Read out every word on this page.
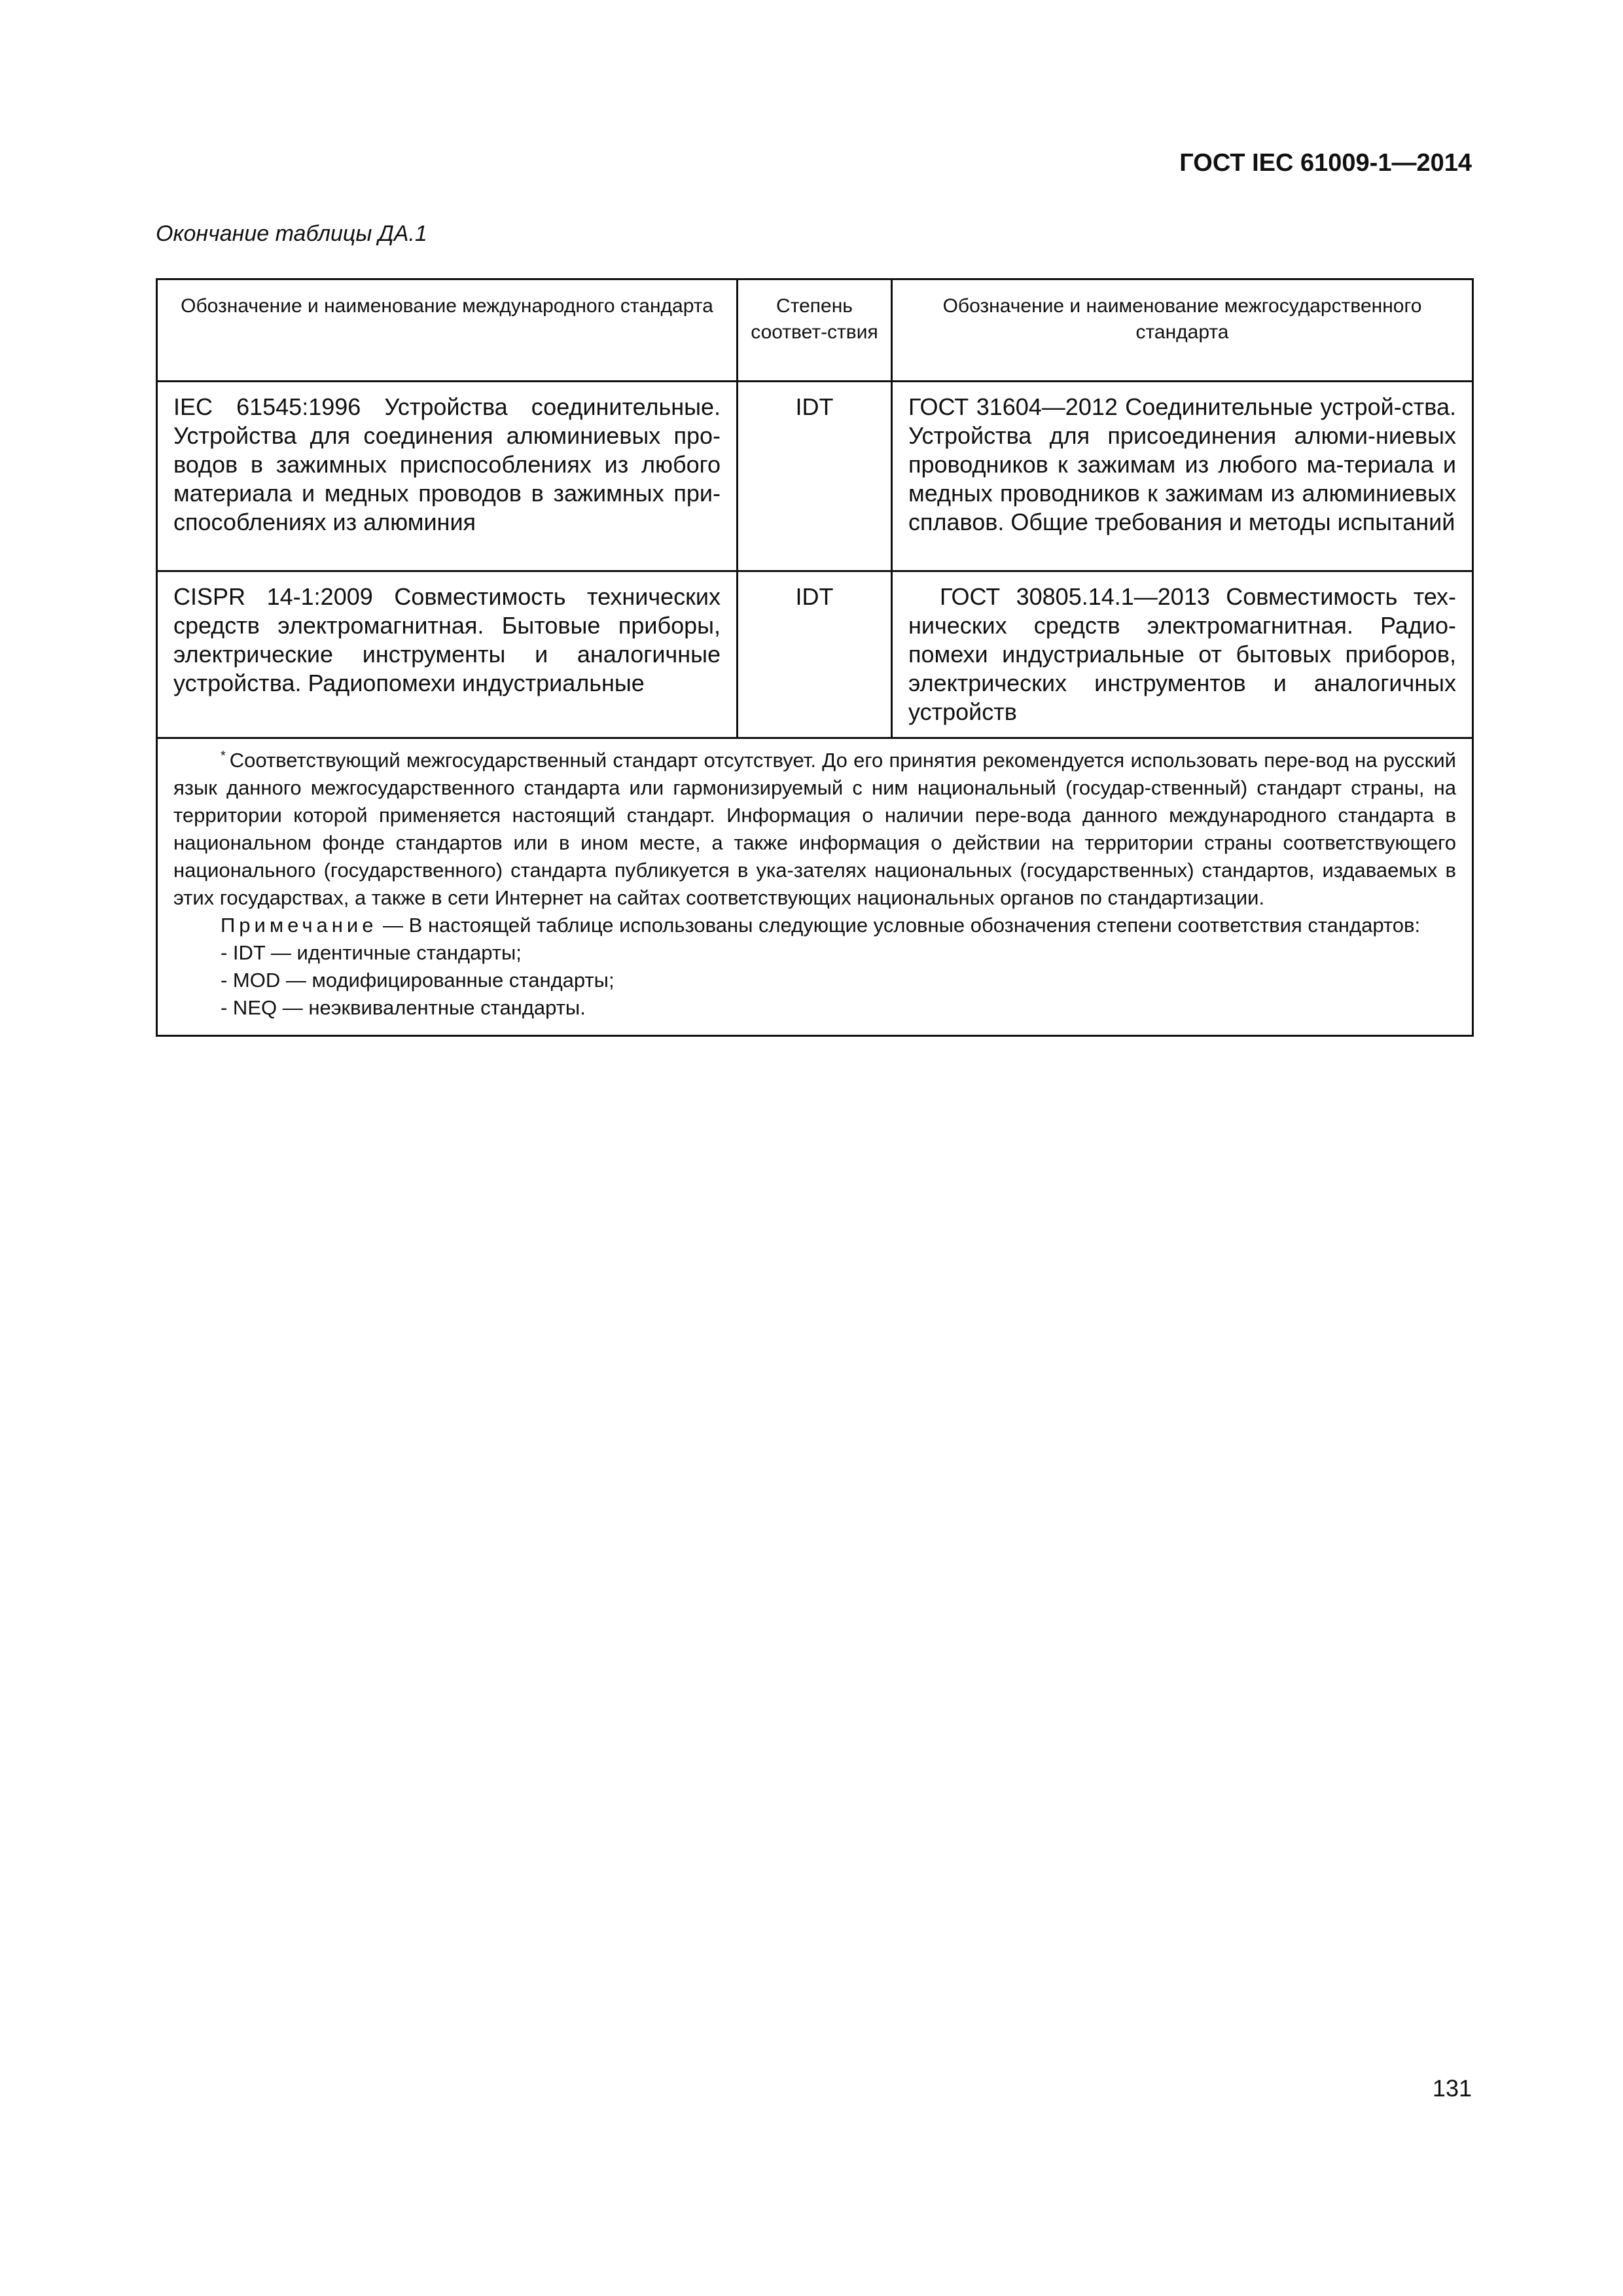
ГОСТ IEC 61009-1—2014
Окончание таблицы ДА.1
Обозначение и наименование международного стандарта	Степень соответ-ствия	Обозначение и наименование межгосударственного стандарта
IEC 61545:1996 Устройства соединительные. Устройства для соединения алюминиевых про-водов в зажимных приспособлениях из любого материала и медных проводов в зажимных при-способлениях из алюминия	IDT	ГОСТ 31604—2012 Соединительные устрой-ства. Устройства для присоединения алюми-ниевых проводников к зажимам из любого ма-териала и медных проводников к зажимам из алюминиевых сплавов. Общие требования и методы испытаний
CISPR 14-1:2009 Совместимость технических средств электромагнитная. Бытовые приборы, электрические инструменты и аналогичные устройства. Радиопомехи индустриальные	IDT	ГОСТ 30805.14.1—2013 Совместимость тех-нических средств электромагнитная. Радио-помехи индустриальные от бытовых приборов, электрических инструментов и аналогичных устройств

* Соответствующий межгосударственный стандарт отсутствует. До его принятия рекомендуется использовать пере-вод на русский язык данного межгосударственного стандарта или гармонизируемый с ним национальный (государ-ственный) стандарт страны, на территории которой применяется настоящий стандарт. Информация о наличии пере-вода данного международного стандарта в национальном фонде стандартов или в ином месте, а также информация о действии на территории страны соответствующего национального (государственного) стандарта публикуется в ука-зателях национальных (государственных) стандартов, издаваемых в этих государствах, а также в сети Интернет на сайтах соответствующих национальных органов по стандартизации.

Примечание — В настоящей таблице использованы следующие условные обозначения степени соответствия стандартов:

- IDT — идентичные стандарты;

- MOD — модифицированные стандарты;

- NEQ — неэквивалентные стандарты.		

131
